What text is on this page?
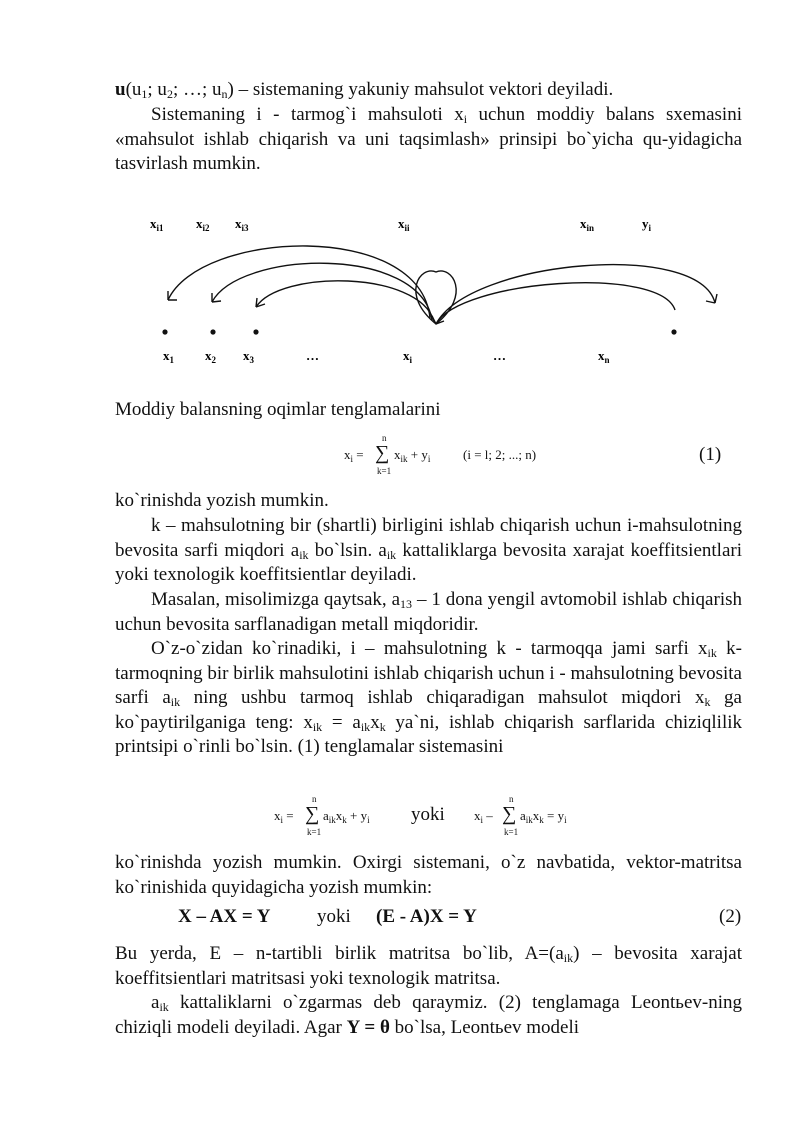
$u(u_1$; $u_2$; …; $u_n$) – sistemaning yakuniy mahsulot vektori deyiladi.

Sistemaning i - tarmog`i mahsuloti $x_i$ uchun moddiy balans sxemasini «mahsulot ishlab chiqarish va uni taqsimlash» prinsipi bo`yicha qu-yidagicha tasvirlash mumkin.

$x_{i1}$ $x_{i2}$ $x_{i3}$	$x_{ii}$	$x_{in}$	$y_i$
$x_1$ $x_2$ $x_3$	…	$x_i$	…	$x_n$

Moddiy balansning oqimlar tenglamalarini

$x_i$ =
n
∑
k=1
$x_{ik} + y_i$	(i = l; 2; ...; n)	(1)

ko`rinishda yozish mumkin.

k – mahsulotning bir (shartli) birligini ishlab chiqarish uchun i-mahsulotning bevosita sarfi miqdori $a_{ik}$ bo`lsin. $a_{ik}$ kattaliklarga bevosita xarajat koeffitsientlari yoki texnologik koeffitsientlar deyiladi.

Masalan, misolimizga qaytsak, $a_{13} - 1$ dona yengil avtomobil ishlab chiqarish uchun bevosita sarflanadigan metall miqdoridir.

O`z-o`zidan ko`rinadiki, i – mahsulotning k - tarmoqqa jami sarfi $x_{ik}$ k-tarmoqning bir birlik mahsulotini ishlab chiqarish uchun i - mahsulotning bevosita sarfi $a_{ik}$ ning ushbu tarmoq ishlab chiqaradigan mahsulot miqdori $x_k$ ga ko`paytirilganiga teng: $x_{ik} = a_{ik}x_k$ ya`ni, ishlab chiqarish sarflarida chiziqlilik printsipi o`rinli bo`lsin. (1) tenglamalar sistemasini

$x_i$ =
n
∑
k=1
$a_{ik}x_k + y_i$ yoki $x_i$ –
n
∑
k=1
$a_{ik}x_k = y_i$

ko`rinishda yozish mumkin. Oxirgi sistemani, o`z navbatida, vektor-matritsa ko`rinishida quyidagicha yozish mumkin:

X – AX = Y yoki (E - A)X = Y	(2)

Bu yerda, E – n-tartibli birlik matritsa bo`lib, $A=(a_{ik})$ – bevosita xarajat koeffitsientlari matritsasi yoki texnologik matritsa.

$a_{ik}$ kattaliklarni o`zgarmas deb qaraymiz. (2) tenglamaga Leontьev-ning chiziqli modeli deyiladi. Agar Y = θ bo`lsa, Leontьev modeli
